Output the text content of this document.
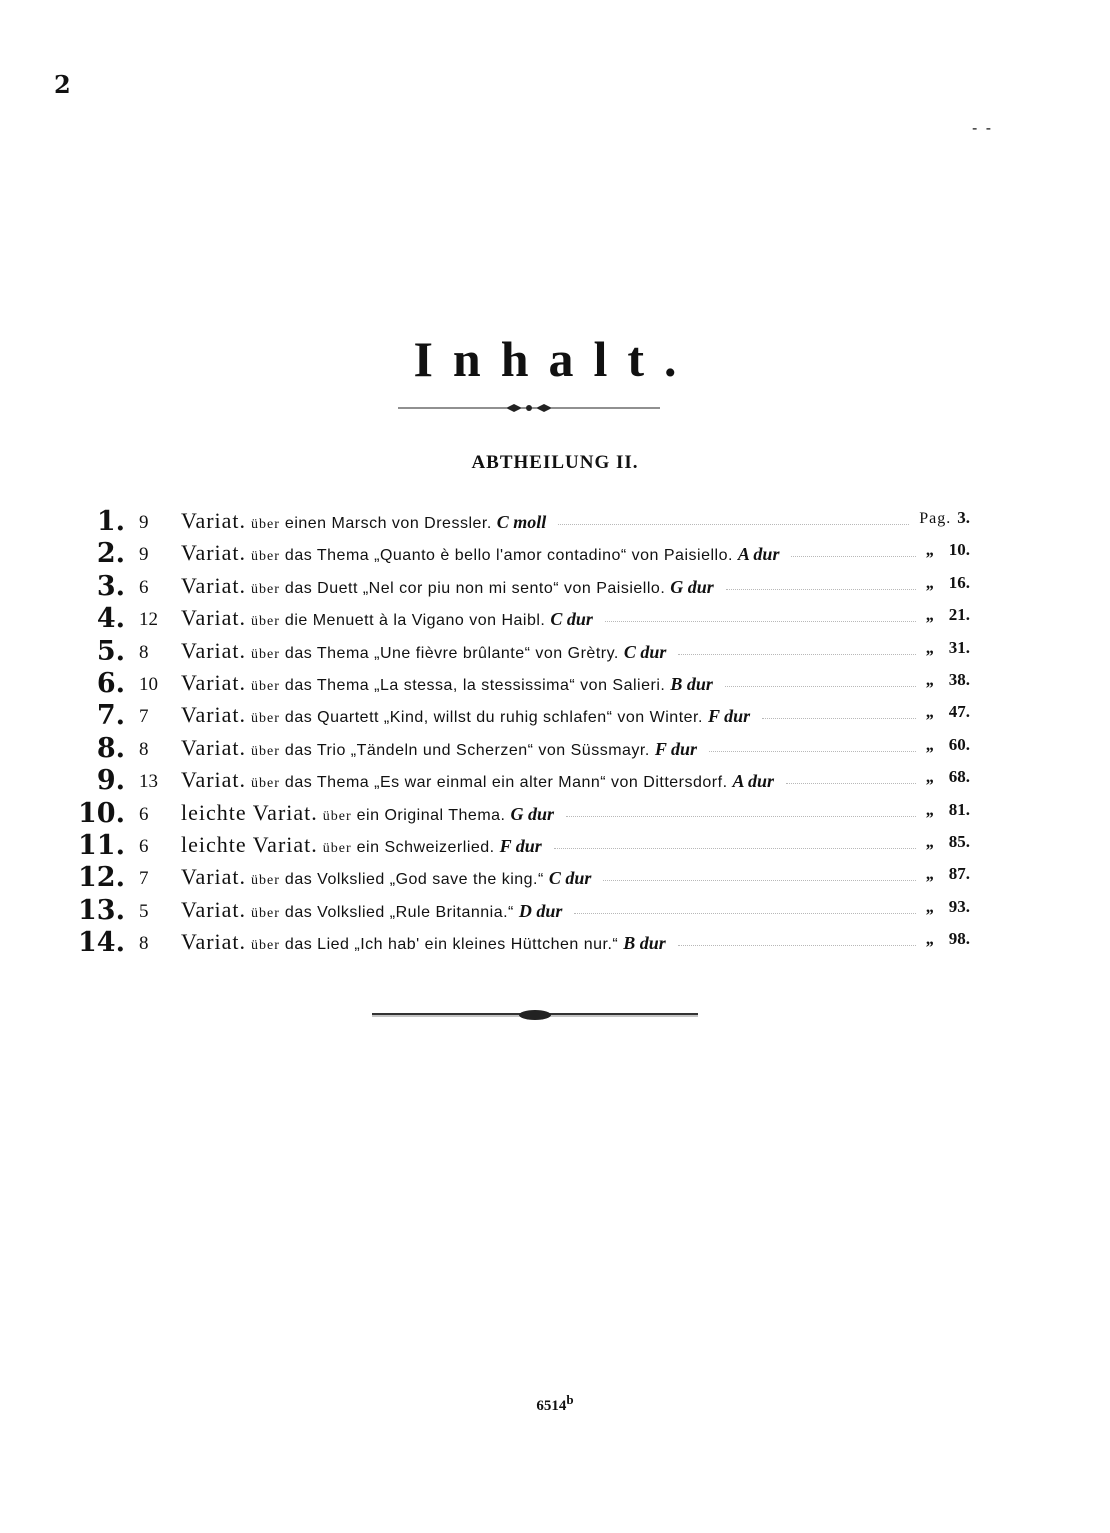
2
- -
Inhalt.
ABTHEILUNG II.
1. 9 Variat. über einen Marsch von Dressler. C moll	Pag. 3.
2. 9 Variat. über das Thema „Quanto è bello l'amor contadino“ von Paisiello. A dur	„ 10.
3. 6 Variat. über das Duett „Nel cor piu non mi sento“ von Paisiello. G dur	„ 16.
4. 12 Variat. über die Menuett à la Vigano von Haibl. C dur	„ 21.
5. 8 Variat. über das Thema „Une fièvre brûlante“ von Grètry. C dur	„ 31.
6. 10 Variat. über das Thema „La stessa, la stessissima“ von Salieri. B dur	„ 38.
7. 7 Variat. über das Quartett „Kind, willst du ruhig schlafen“ von Winter. F dur	„ 47.
8. 8 Variat. über das Trio „Tändeln und Scherzen“ von Süssmayr. F dur	„ 60.
9. 13 Variat. über das Thema „Es war einmal ein alter Mann“ von Dittersdorf. A dur	„ 68.
10. 6 leichte Variat. über ein Original Thema. G dur	„ 81.
11. 6 leichte Variat. über ein Schweizerlied. F dur	„ 85.
12. 7 Variat. über das Volkslied „God save the king.“ C dur	„ 87.
13. 5 Variat. über das Volkslied „Rule Britannia.“ D dur	„ 93.
14. 8 Variat. über das Lied „Ich hab' ein kleines Hüttchen nur.“ B dur	„ 98.
6514$^b$
